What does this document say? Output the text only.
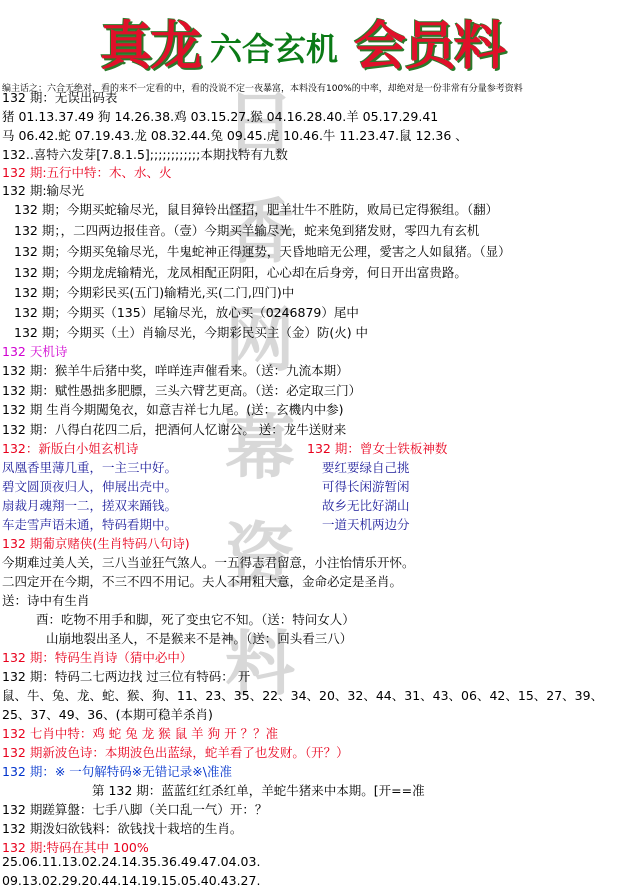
真龙 六合玄机 会员料
日
香
网
幕
资
料
编主话之：六合无绝对，看的来不一定看的中，看的没说不定一夜暴富，本料没有100%的中率，却绝对是一份非常有分量参考资料
132 期：无误出码表
猪 01.13.37.49 狗 14.26.38.鸡 03.15.27.猴 04.16.28.40.羊 05.17.29.41
马 06.42.蛇 07.19.43.龙 08.32.44.兔 09.45.虎 10.46.牛 11.23.47.鼠 12.36 、
132..喜特六发芽[7.8.1.5];;;;;;;;;;;;本期找特有九数
132 期:五行中特：木、水、火
132 期:输尽光
132 期；今期买蛇输尽光，鼠目獐铃出怪招，肥羊壮牛不胜防，败局已定得猴组。（翻）
132 期；，二四两边报佳音。（壹）今期买羊输尽光，蛇来兔到猪发财，零四九有玄机
132 期；今期买兔输尽光，牛鬼蛇神正得運势，天昏地暗无公理，愛害之人如鼠猪。（显）
132 期；今期龙虎输精光，龙凤相配正阴阳，心心却在后身旁，何日开出富贵路。
132 期；今期彩民买(五门)输精光,买(二门,四门)中
132 期；今期买（135）尾输尽光，放心买（0246879）尾中
132 期；今期买（土）肖输尽光，今期彩民买主（金）防(火) 中
132 天机诗
132 期：猴羊牛后猪中奖，咩咩连声催看来。（送：九流本期）
132 期：赋性愚拙多肥膘，三头六臂艺更高。（送：必定取三门）
132 期 生肖今期闖兔衣，如意吉祥七九尾。(送：玄機内中参)
132 期：八得白花四二后，把酒何人忆谢公。 送：龙牛送财来
132：新版白小姐玄机诗	132 期：曾女士铁板神数
凤凰香里薄几重，一主三中好。	要红要绿自己挑
碧文圆顶夜归人，伸展出壳中。	可得长闲游暂闲
扇裁月魂翔一二，搓双来踊钱。	故乡无比好湖山
车走雪声语未通，特码看期中。	一道天机两边分
132 期葡京赌侠(生肖特码八句诗)
今期难过美人关，三八当並狂气煞人。一五得志君留意，小注怡情乐开怀。
二四定开在今期，不三不四不用记。夫人不用粗大意，金命必定是圣肖。
送：诗中有生肖
酉：吃物不用手和脚，死了变虫它不知。（送：特问女人）
山崩地裂出圣人，不是猴来不是神。（送：回头看三八）
132 期：特码生肖诗（猜中必中）
132 期：特码二七两边找 过三位有特码： 开
鼠、牛、兔、龙、蛇、猴、狗、11、23、35、22、34、20、32、44、31、43、06、42、15、27、39、
25、37、49、36、(本期可稳羊杀肖)
132 七肖中特：鸡 蛇 兔 龙 猴 鼠 羊 狗 开 ？？准
132 期新波色诗：本期波色出蓝绿，蛇羊看了也发财。（开？）
132 期：※ 一句解特码※无错记录※\准准
第 132 期：蓝蓝红红杀红单，羊蛇牛猪来中本期。[开==准
132 期蹉算盤：七手八脚（关口乱一气）开：？
132 期泼妇欲钱料：欲钱找十栽培的生肖。
132 期:特码在其中 100%
25.06.11.13.02.24.14.35.36.49.47.04.03.
09.13.02.29.20.44.14.19.15.05.40.43.27.
